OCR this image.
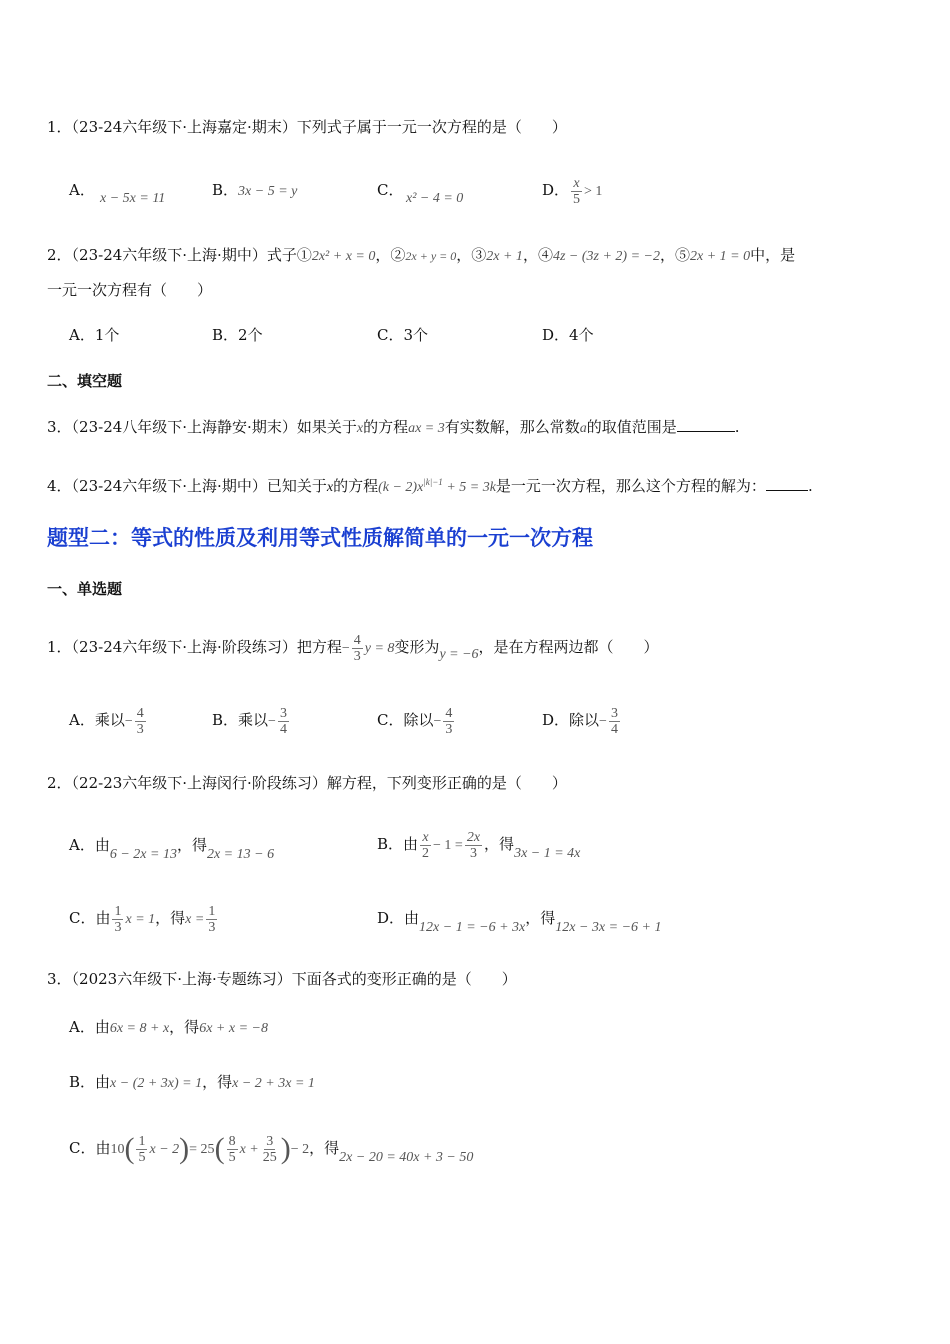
1．（23-24六年级下·上海嘉定·期末）下列式子属于一元一次方程的是（　　）
A． x − 5x = 11	B．3x − 5 = y	C． x² − 4 = 0	D． $\frac{x}{5} > 1$
2．（23-24六年级下·上海·期中）式子①2x² + x = 0，②2x + y = 0，③2x + 1，④4z − (3z + 2) = −2，⑤2x + 1 = 0中，是
一元一次方程有（　　）
A．1个	B．2个	C．3个	D．4个
二、填空题
3．（23-24八年级下·上海静安·期末）如果关于x的方程ax = 3有实数解，那么常数a的取值范围是	.
4．（23-24六年级下·上海·期中）已知关于x的方程$(k - 2)x^{|k|-1} + 5 = 3k$是一元一次方程，那么这个方程的解为：	.
题型二：等式的性质及利用等式性质解简单的一元一次方程
一、单选题
1．（23-24六年级下·上海·阶段练习）把方程− $\frac{4}{3}$ y = 8变形为y = −6，是在方程两边都（　　）
A．乘以− $\frac{4}{3}$	B．乘以− $\frac{3}{4}$	C．除以− $\frac{4}{3}$	D．除以− $\frac{3}{4}$
2．（22-23六年级下·上海闵行·阶段练习）解方程，下列变形正确的是（　　）
A．由6 − 2x = 13，得2x = 13 − 6
B．由 $\frac{x}{2} - 1 = \frac{2x}{3}$ ，得3x − 1 = 4x
C．由 $\frac{1}{3}$ x = 1，得$x = \frac{1}{3}$	D．由12x − 1 = −6 + 3x，得12x − 3x = −6 + 1
3．（2023六年级下·上海·专题练习）下面各式的变形正确的是（　　）
A．由6x = 8 + x，得6x + x = −8
B．由x − (2 + 3x) = 1，得x − 2 + 3x = 1
C．由$10( \frac{1}{5}$ $x - 2)= 25( \frac{8}{5}$ $x + \frac{3}{25}$ )− 2，得2x − 20 = 40x + 3 − 50
